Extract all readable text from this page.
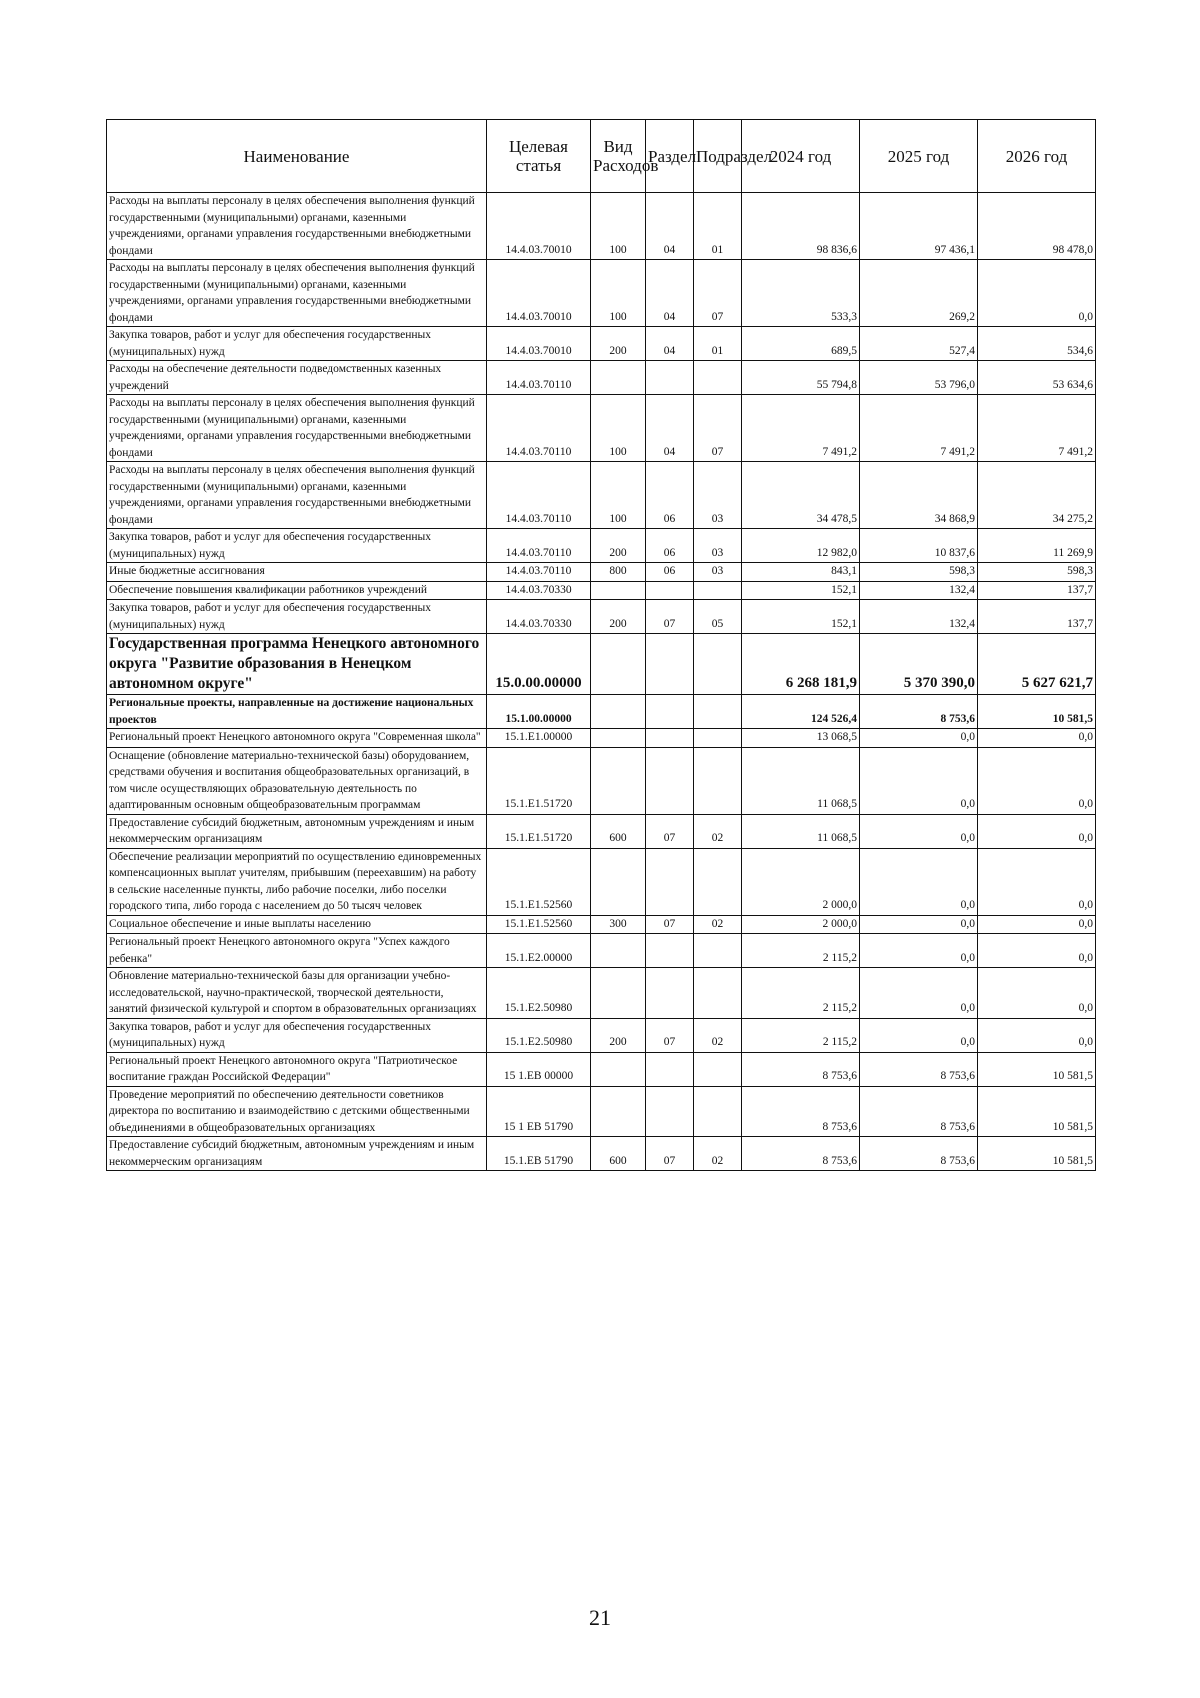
Наименование	Целевая статья	Вид Расходов	Раздел	Подраздел	2024 год	2025 год	2026 год
Расходы на выплаты персоналу в целях обеспечения выполнения функций государственными (муниципальными) органами, казенными учреждениями, органами управления государственными внебюджетными фондами	14.4.03.70010	100	04	01	98 836,6	97 436,1	98 478,0
Расходы на выплаты персоналу в целях обеспечения выполнения функций государственными (муниципальными) органами, казенными учреждениями, органами управления государственными внебюджетными фондами	14.4.03.70010	100	04	07	533,3	269,2	0,0
Закупка товаров, работ и услуг для обеспечения государственных (муниципальных) нужд	14.4.03.70010	200	04	01	689,5	527,4	534,6
Расходы на обеспечение деятельности подведомственных казенных учреждений	14.4.03.70110				55 794,8	53 796,0	53 634,6
Расходы на выплаты персоналу в целях обеспечения выполнения функций государственными (муниципальными) органами, казенными учреждениями, органами управления государственными внебюджетными фондами	14.4.03.70110	100	04	07	7 491,2	7 491,2	7 491,2
Расходы на выплаты персоналу в целях обеспечения выполнения функций государственными (муниципальными) органами, казенными учреждениями, органами управления государственными внебюджетными фондами	14.4.03.70110	100	06	03	34 478,5	34 868,9	34 275,2
Закупка товаров, работ и услуг для обеспечения государственных (муниципальных) нужд	14.4.03.70110	200	06	03	12 982,0	10 837,6	11 269,9
Иные бюджетные ассигнования	14.4.03.70110	800	06	03	843,1	598,3	598,3
Обеспечение повышения квалификации работников учреждений	14.4.03.70330				152,1	132,4	137,7
Закупка товаров, работ и услуг для обеспечения государственных (муниципальных) нужд	14.4.03.70330	200	07	05	152,1	132,4	137,7
Государственная программа Ненецкого автономного округа "Развитие образования в Ненецком автономном округе"	15.0.00.00000				6 268 181,9	5 370 390,0	5 627 621,7
Региональные проекты, направленные на достижение национальных проектов	15.1.00.00000				124 526,4	8 753,6	10 581,5
Региональный проект Ненецкого автономного округа "Современная школа"	15.1.E1.00000				13 068,5	0,0	0,0
Оснащение (обновление материально-технической базы) оборудованием, средствами обучения и воспитания общеобразовательных организаций, в том числе осуществляющих образовательную деятельность по адаптированным основным общеобразовательным программам	15.1.E1.51720				11 068,5	0,0	0,0
Предоставление субсидий бюджетным, автономным учреждениям и иным некоммерческим организациям	15.1.E1.51720	600	07	02	11 068,5	0,0	0,0
Обеспечение реализации мероприятий по осуществлению единовременных компенсационных выплат учителям, прибывшим (переехавшим) на работу в сельские населенные пункты, либо рабочие поселки, либо поселки городского типа, либо города с населением до 50 тысяч человек	15.1.E1.52560				2 000,0	0,0	0,0
Социальное обеспечение и иные выплаты населению	15.1.E1.52560	300	07	02	2 000,0	0,0	0,0
Региональный проект Ненецкого автономного округа "Успех каждого ребенка"	15.1.E2.00000				2 115,2	0,0	0,0
Обновление материально-технической базы для организации учебно-исследовательской, научно-практической, творческой деятельности, занятий физической культурой и спортом в образовательных организациях	15.1.E2.50980				2 115,2	0,0	0,0
Закупка товаров, работ и услуг для обеспечения государственных (муниципальных) нужд	15.1.E2.50980	200	07	02	2 115,2	0,0	0,0
Региональный проект Ненецкого автономного округа "Патриотическое воспитание граждан Российской Федерации"	15 1.EB 00000				8 753,6	8 753,6	10 581,5
Проведение мероприятий по обеспечению деятельности советников директора по воспитанию и взаимодействию с детскими общественными объединениями в общеобразовательных организациях	15 1 EB 51790				8 753,6	8 753,6	10 581,5
Предоставление субсидий бюджетным, автономным учреждениям и иным некоммерческим организациям	15.1.EB 51790	600	07	02	8 753,6	8 753,6	10 581,5
21
